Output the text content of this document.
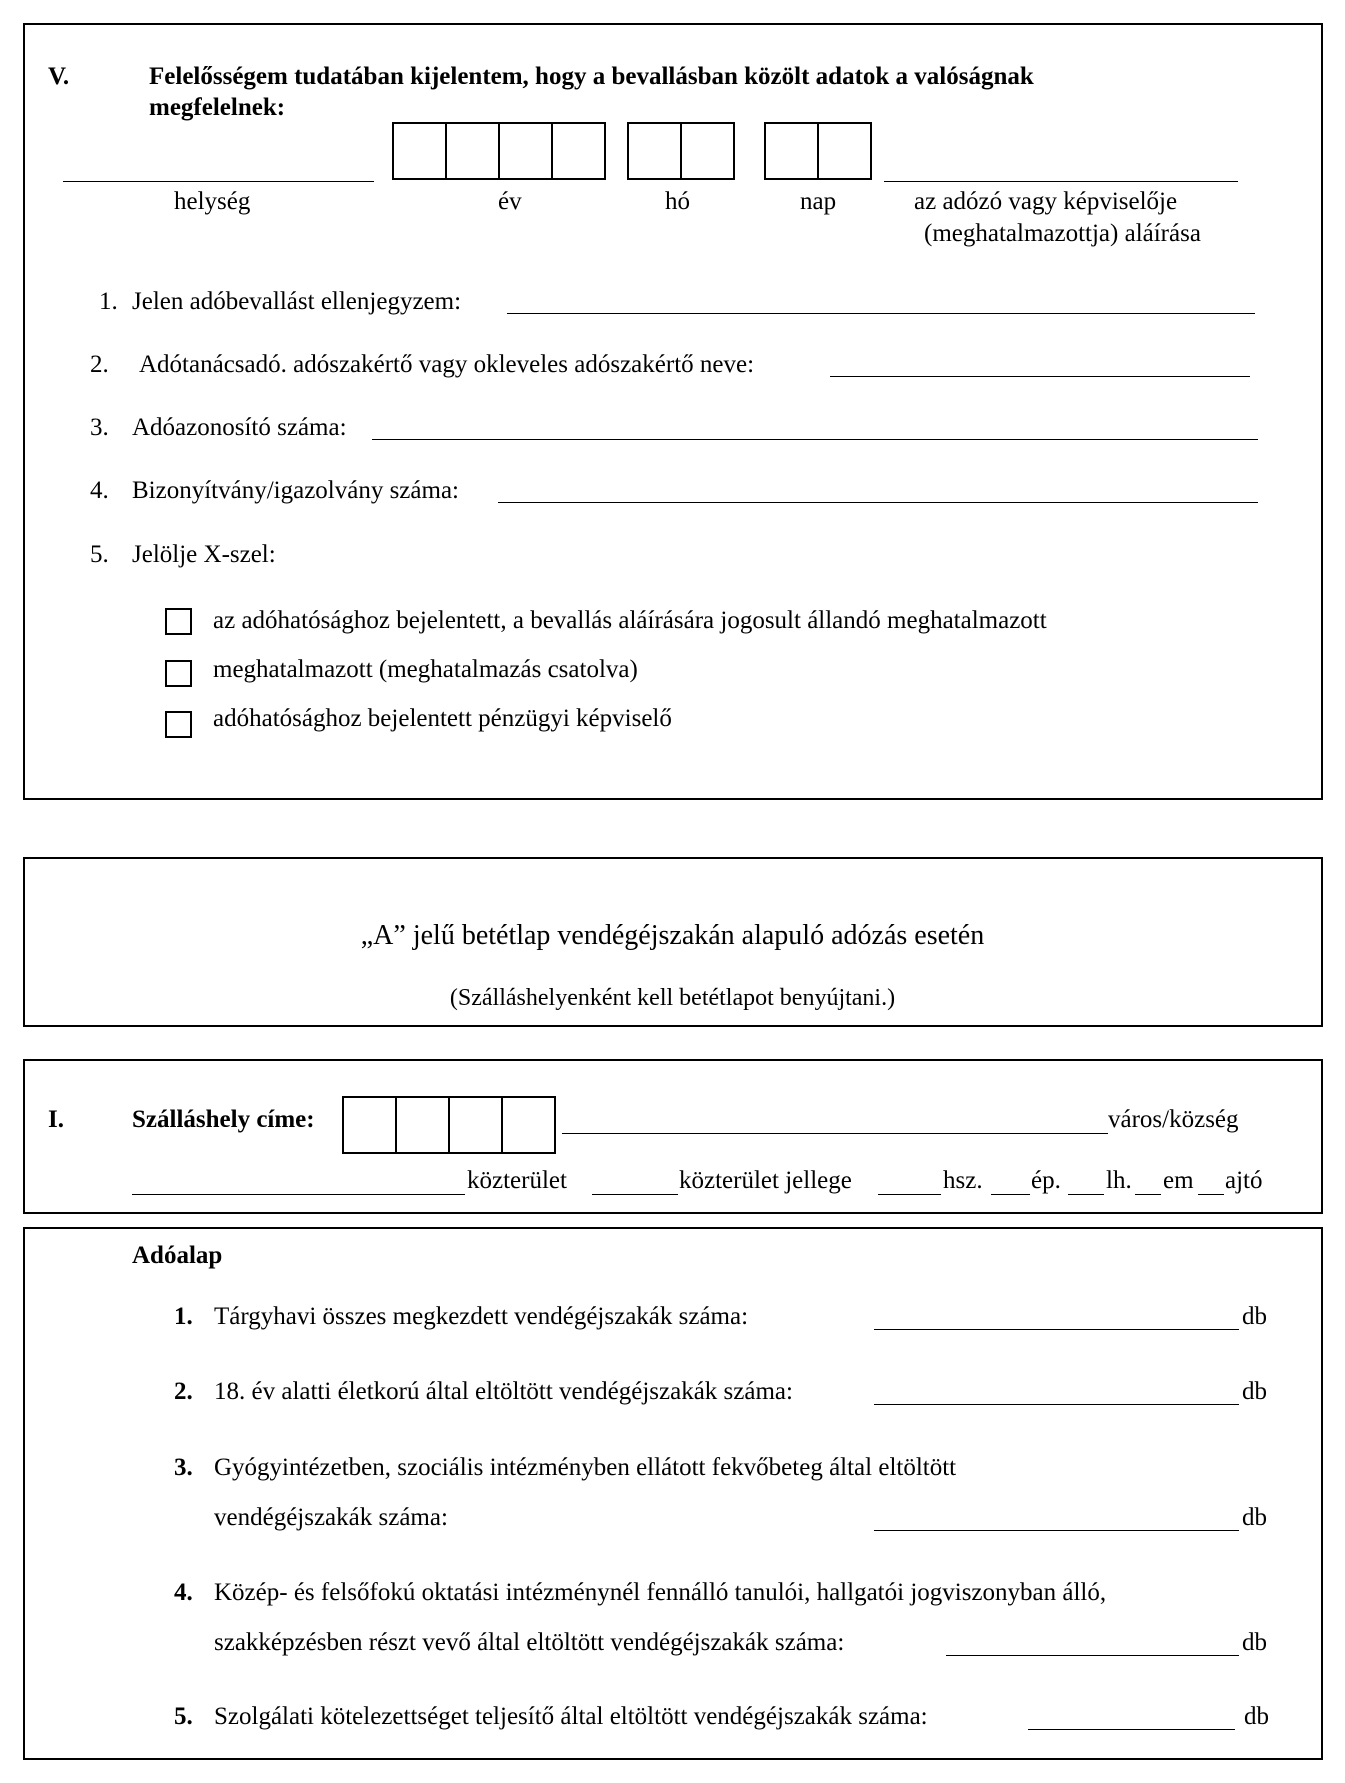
V.	Felelősségem tudatában kijelentem, hogy a bevallásban közölt adatok a valóságnak
megfelelnek:
helység	év	hó	nap	az adózó vagy képviselője
(meghatalmazottja) aláírása
1. Jelen adóbevallást ellenjegyzem:
2. Adótanácsadó. adószakértő vagy okleveles adószakértő neve:
3. Adóazonosító száma:
4. Bizonyítvány/igazolvány száma:
5. Jelölje X-szel:
az adóhatósághoz bejelentett, a bevallás aláírására jogosult állandó meghatalmazott
meghatalmazott (meghatalmazás csatolva)
adóhatósághoz bejelentett pénzügyi képviselő
„A” jelű betétlap vendégéjszakán alapuló adózás esetén
(Szálláshelyenként kell betétlapot benyújtani.)
I.	Szálláshely címe:	város/község
közterület	közterület jellege	hsz. ép. lh. em ajtó
Adóalap
1. Tárgyhavi összes megkezdett vendégéjszakák száma:	db
2. 18. év alatti életkorú által eltöltött vendégéjszakák száma:	db
3. Gyógyintézetben, szociális intézményben ellátott fekvőbeteg által eltöltött
vendégéjszakák száma:	db
4. Közép- és felsőfokú oktatási intézménynél fennálló tanulói, hallgatói jogviszonyban álló,
szakképzésben részt vevő által eltöltött vendégéjszakák száma:	db
5. Szolgálati kötelezettséget teljesítő által eltöltött vendégéjszakák száma:	db
